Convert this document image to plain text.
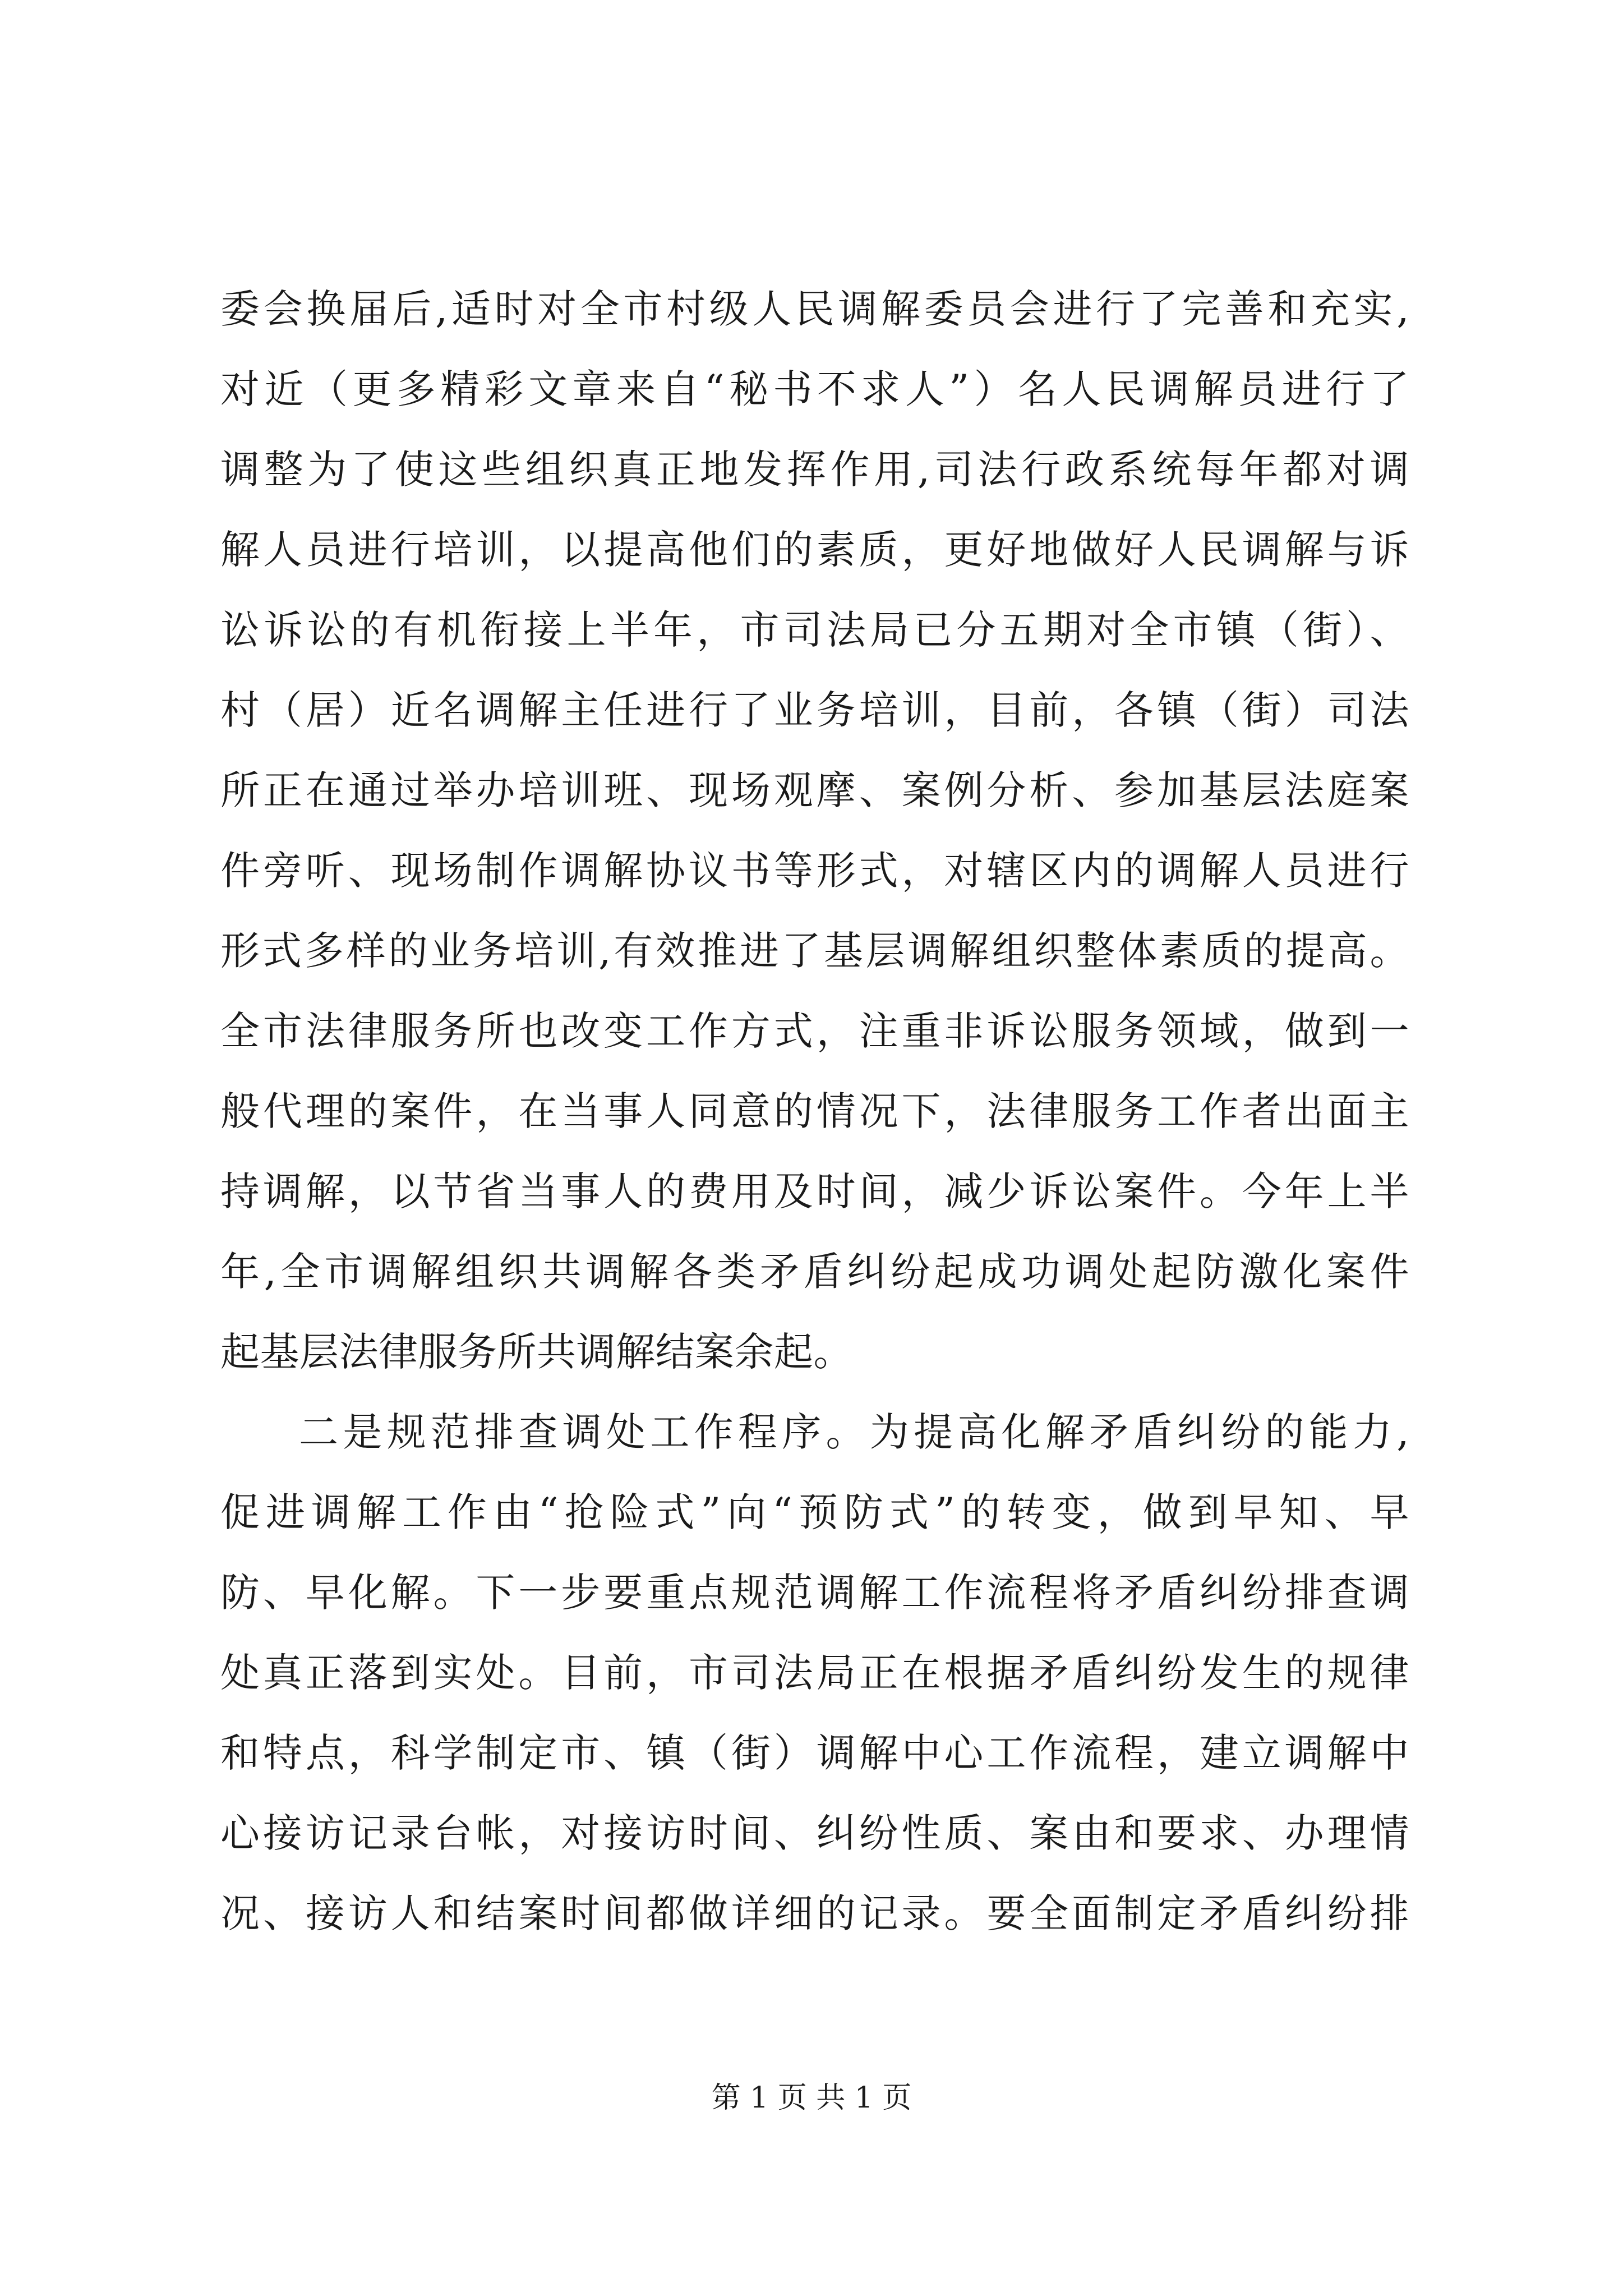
委会换届后,适时对全市村级人民调解委员会进行了完善和充实,
对近（更多精彩文章来自“秘书不求人”）名人民调解员进行了
调整为了使这些组织真正地发挥作用,司法行政系统每年都对调
解人员进行培训，以提高他们的素质，更好地做好人民调解与诉
讼诉讼的有机衔接上半年，市司法局已分五期对全市镇（街）、
村（居）近名调解主任进行了业务培训，目前，各镇（街）司法
所正在通过举办培训班、现场观摩、案例分析、参加基层法庭案
件旁听、现场制作调解协议书等形式，对辖区内的调解人员进行
形式多样的业务培训,有效推进了基层调解组织整体素质的提高。
全市法律服务所也改变工作方式，注重非诉讼服务领域，做到一
般代理的案件，在当事人同意的情况下，法律服务工作者出面主
持调解，以节省当事人的费用及时间，减少诉讼案件。今年上半
年,全市调解组织共调解各类矛盾纠纷起成功调处起防激化案件
起基层法律服务所共调解结案余起。
二是规范排查调处工作程序。为提高化解矛盾纠纷的能力,
促进调解工作由“抢险式”向“预防式”的转变，做到早知、早
防、早化解。下一步要重点规范调解工作流程将矛盾纠纷排查调
处真正落到实处。目前，市司法局正在根据矛盾纠纷发生的规律
和特点，科学制定市、镇（街）调解中心工作流程，建立调解中
心接访记录台帐，对接访时间、纠纷性质、案由和要求、办理情
况、接访人和结案时间都做详细的记录。要全面制定矛盾纠纷排
第 1 页 共 1 页
